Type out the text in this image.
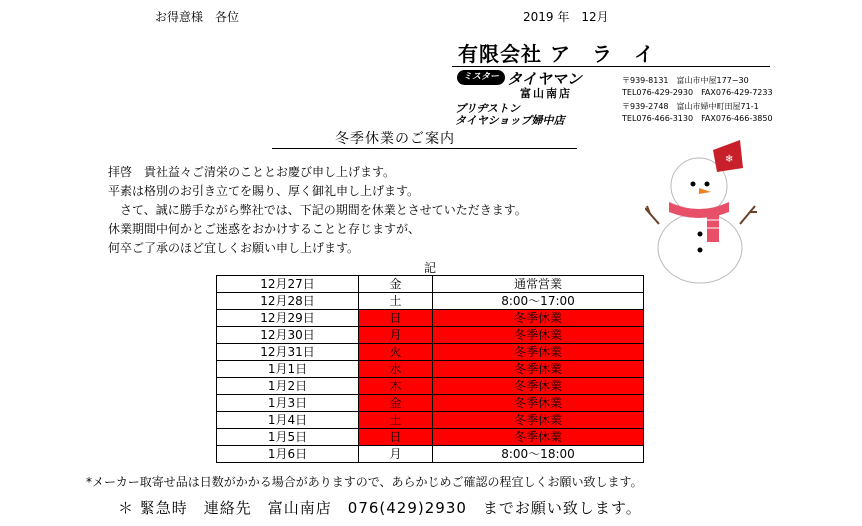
お得意様　各位	2019 年　12月
有限会社 ア　ラ　イ
ミスター タイヤマン
富山南店
〒939-8131　富山市中屋177−30
TEL076-429-2930　FAX076-429-7233
ブリヂストン
タイヤショップ婦中店
〒939-2748　富山市婦中町田屋71-1
TEL076-466-3130　FAX076-466-3850
冬季休業のご案内
拝啓　貴社益々ご清栄のこととお慶び申し上げます。
平素は格別のお引き立てを賜り、厚く御礼申し上げます。
　さて、誠に勝手ながら弊社では、下記の期間を休業とさせていただきます。
休業期間中何かとご迷惑をおかけすることと存じますが、
何卒ご了承のほど宜しくお願い申し上げます。
記
12月27日	金	通常営業
12月28日	土	8:00〜17:00
12月29日	日	冬季休業
12月30日	月	冬季休業
12月31日	火	冬季休業
1月1日	水	冬季休業
1月2日	木	冬季休業
1月3日	金	冬季休業
1月4日	土	冬季休業
1月5日	日	冬季休業
1月6日	月	8:00〜18:00
*メーカー取寄せ品は日数がかかる場合がありますので、あらかじめご確認の程宜しくお願い致します。
＊ 緊急時　連絡先　富山南店　076(429)2930　までお願い致します。
❄
